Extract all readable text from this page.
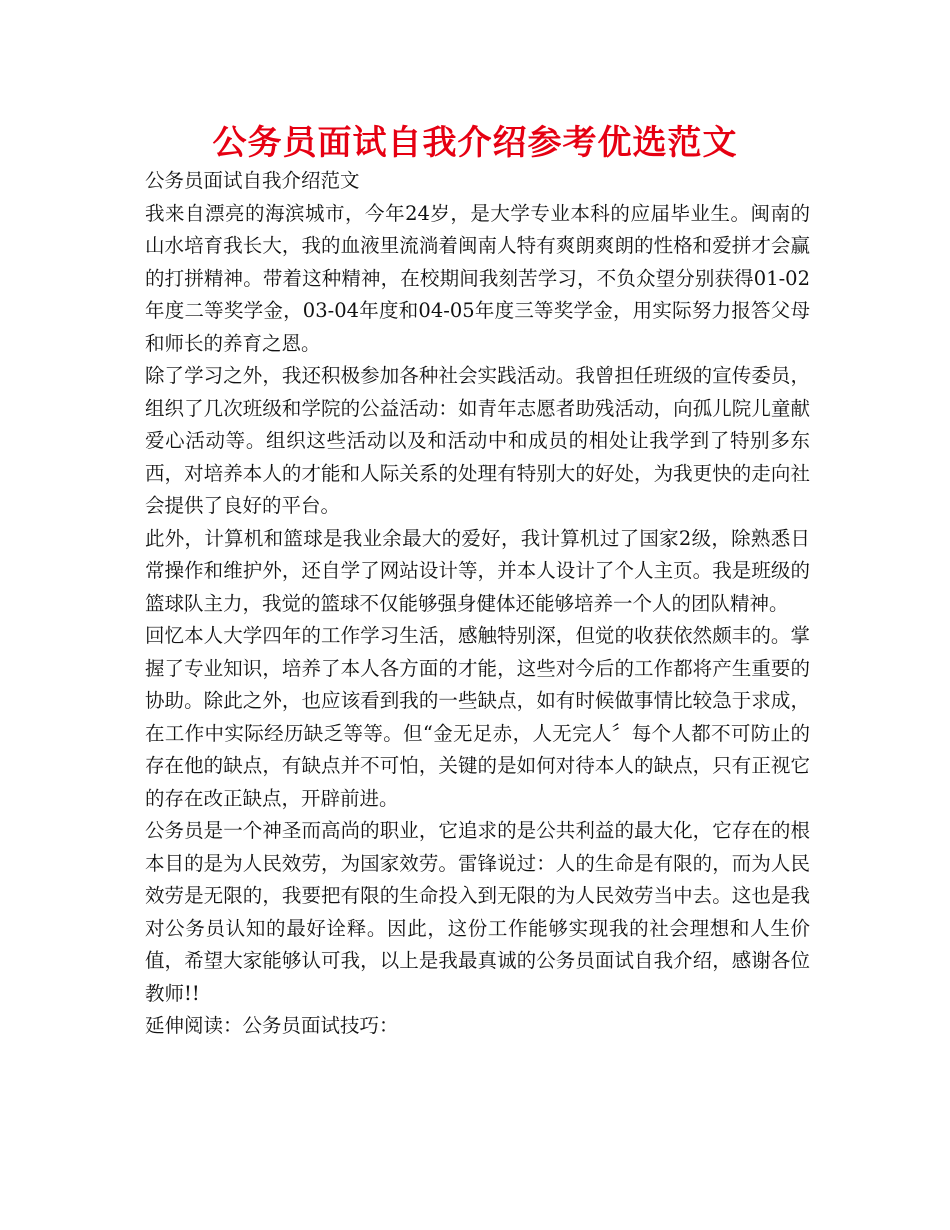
公务员面试自我介绍参考优选范文

公务员面试自我介绍范文

我来自漂亮的海滨城市，今年24岁，是大学专业本科的应届毕业生。闽南的山水培育我长大，我的血液里流淌着闽南人特有爽朗爽朗的性格和爱拼才会赢的打拼精神。带着这种精神，在校期间我刻苦学习，不负众望分别获得01-02年度二等奖学金，03-04年度和04-05年度三等奖学金，用实际努力报答父母和师长的养育之恩。

除了学习之外，我还积极参加各种社会实践活动。我曾担任班级的宣传委员，组织了几次班级和学院的公益活动：如青年志愿者助残活动，向孤儿院儿童献爱心活动等。组织这些活动以及和活动中和成员的相处让我学到了特别多东西，对培养本人的才能和人际关系的处理有特别大的好处，为我更快的走向社会提供了良好的平台。

此外，计算机和篮球是我业余最大的爱好，我计算机过了国家2级，除熟悉日常操作和维护外，还自学了网站设计等，并本人设计了个人主页。我是班级的篮球队主力，我觉的篮球不仅能够强身健体还能够培养一个人的团队精神。

回忆本人大学四年的工作学习生活，感触特别深，但觉的收获依然颇丰的。掌握了专业知识，培养了本人各方面的才能，这些对今后的工作都将产生重要的协助。除此之外，也应该看到我的一些缺点，如有时候做事情比较急于求成，在工作中实际经历缺乏等等。但“金无足赤，人无完人〞每个人都不可防止的存在他的缺点，有缺点并不可怕，关键的是如何对待本人的缺点，只有正视它的存在改正缺点，开辟前进。

公务员是一个神圣而高尚的职业，它追求的是公共利益的最大化，它存在的根本目的是为人民效劳，为国家效劳。雷锋说过：人的生命是有限的，而为人民效劳是无限的，我要把有限的生命投入到无限的为人民效劳当中去。这也是我对公务员认知的最好诠释。因此，这份工作能够实现我的社会理想和人生价值，希望大家能够认可我，以上是我最真诚的公务员面试自我介绍，感谢各位教师!!

延伸阅读：公务员面试技巧：
